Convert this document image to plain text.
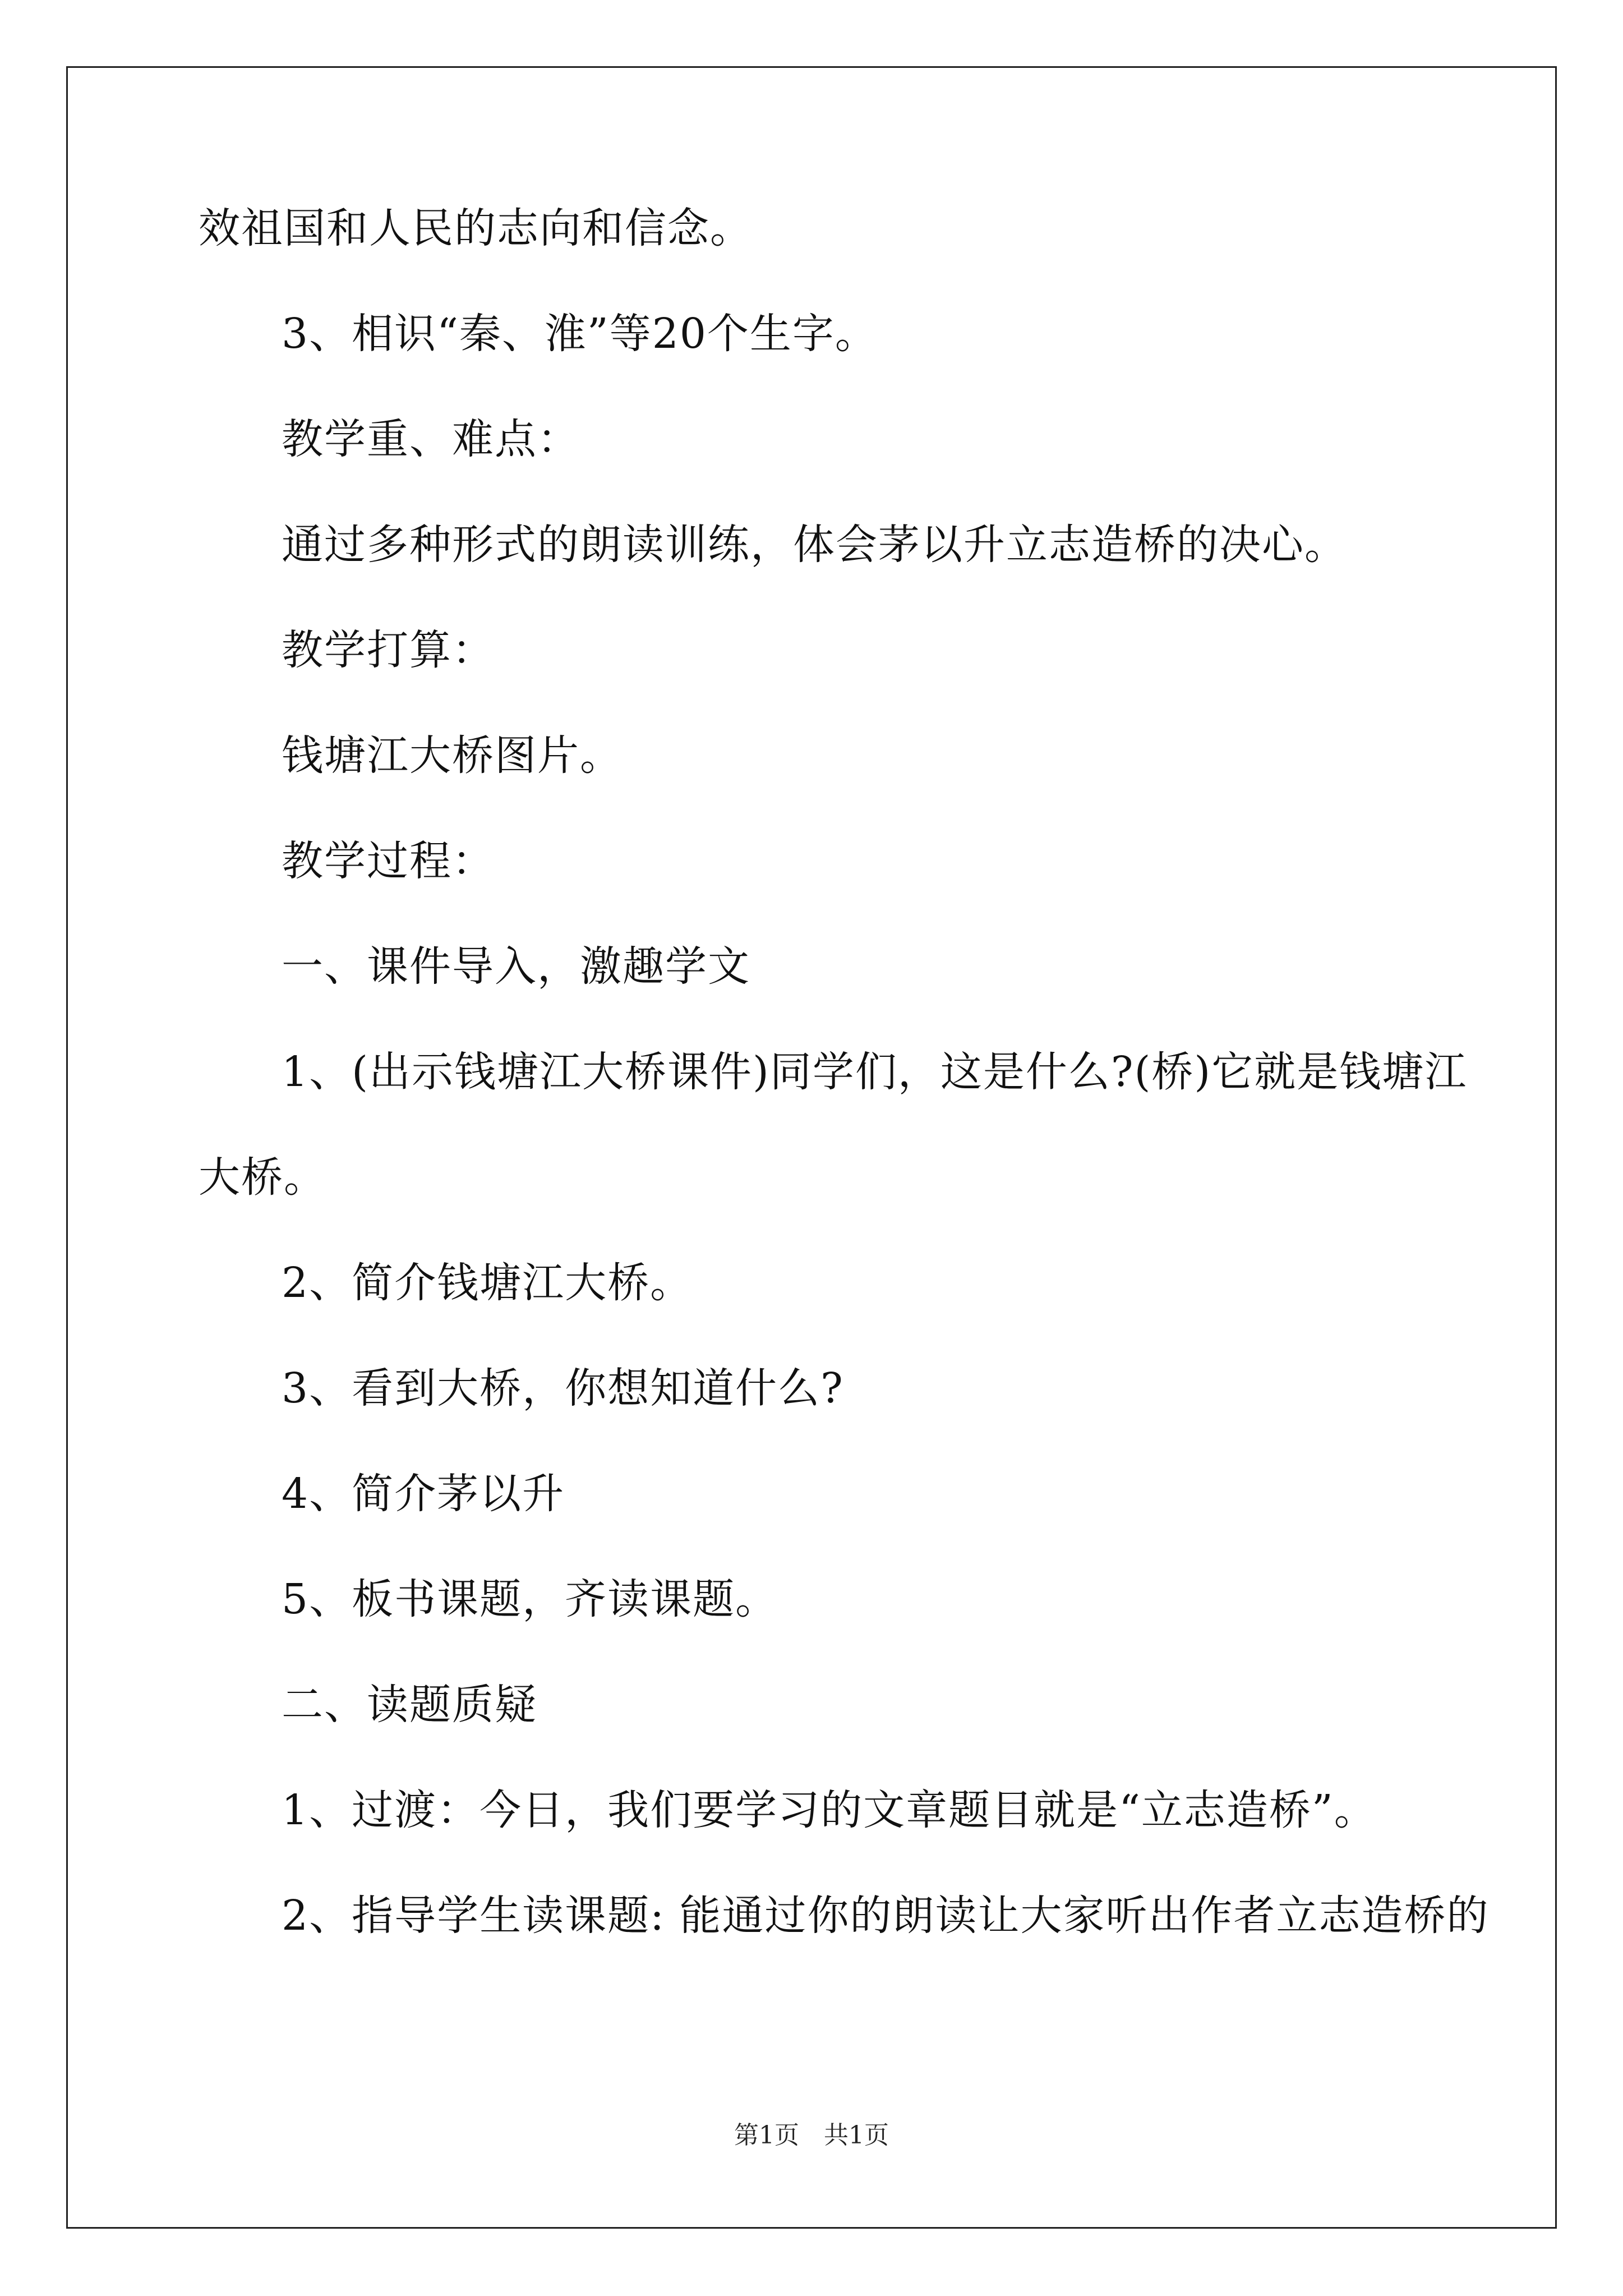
效祖国和人民的志向和信念。
3、相识“秦、淮”等20个生字。
教学重、难点：
通过多种形式的朗读训练，体会茅以升立志造桥的决心。
教学打算：
钱塘江大桥图片。
教学过程：
一、课件导入，激趣学文
1、(出示钱塘江大桥课件)同学们，这是什么?(桥)它就是钱塘江
大桥。
2、简介钱塘江大桥。
3、看到大桥，你想知道什么?
4、简介茅以升
5、板书课题，齐读课题。
二、读题质疑
1、过渡：今日，我们要学习的文章题目就是“立志造桥”。
2、指导学生读课题: 能通过你的朗读让大家听出作者立志造桥的
第1页　共1页
